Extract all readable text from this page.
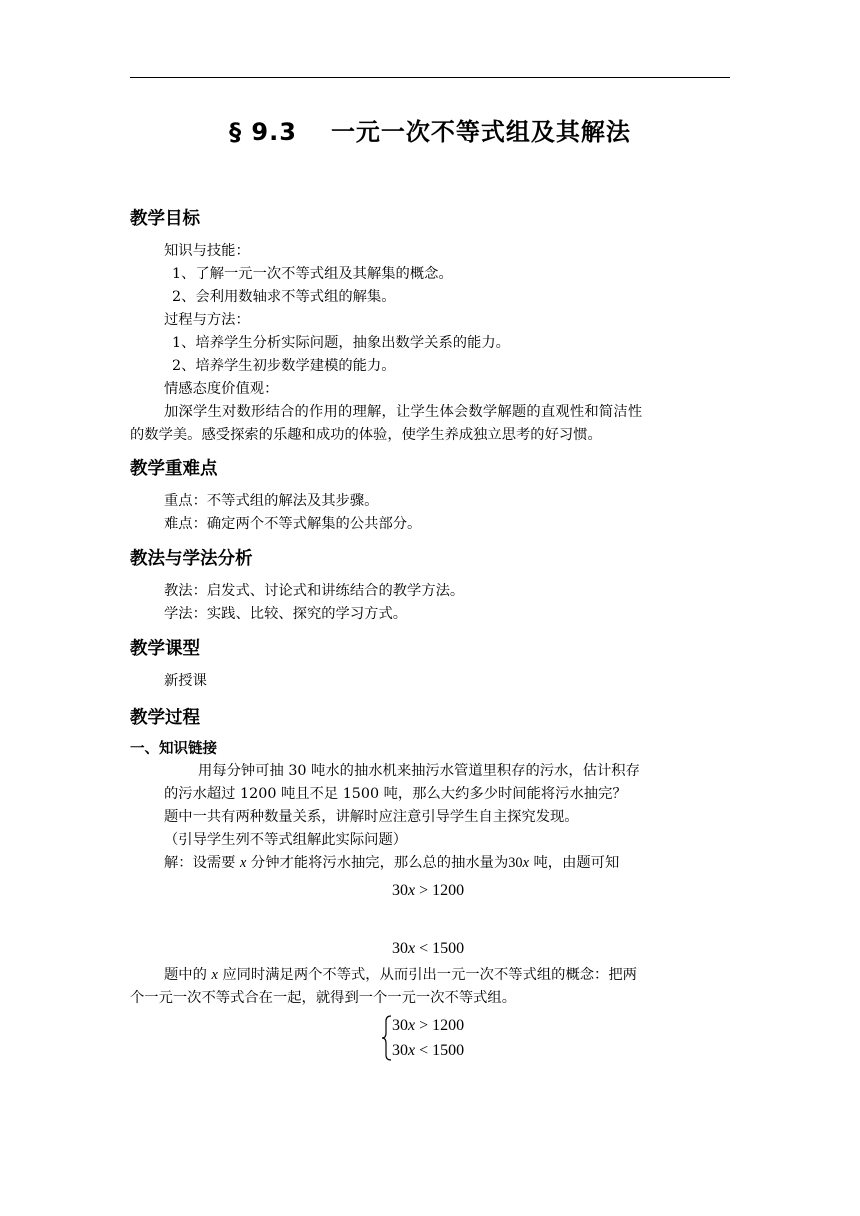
§ 9.3 一元一次不等式组及其解法
教学目标
知识与技能：
1、了解一元一次不等式组及其解集的概念。
2、会利用数轴求不等式组的解集。
过程与方法：
1、培养学生分析实际问题，抽象出数学关系的能力。
2、培养学生初步数学建模的能力。
情感态度价值观：
加深学生对数形结合的作用的理解，让学生体会数学解题的直观性和简洁性
的数学美。感受探索的乐趣和成功的体验，使学生养成独立思考的好习惯。
教学重难点
重点：不等式组的解法及其步骤。
难点：确定两个不等式解集的公共部分。
教法与学法分析
教法：启发式、讨论式和讲练结合的教学方法。
学法：实践、比较、探究的学习方式。
教学课型
新授课
教学过程
一、知识链接
用每分钟可抽 30 吨水的抽水机来抽污水管道里积存的污水，估计积存
的污水超过 1200 吨且不足 1500 吨，那么大约多少时间能将污水抽完？
题中一共有两种数量关系，讲解时应注意引导学生自主探究发现。
（引导学生列不等式组解此实际问题）
解：设需要 x 分钟才能将污水抽完，那么总的抽水量为30x 吨，由题可知
30x > 1200
30x < 1500
题中的 x 应同时满足两个不等式，从而引出一元一次不等式组的概念：把两
个一元一次不等式合在一起，就得到一个一元一次不等式组。
30x > 1200
30x < 1500
